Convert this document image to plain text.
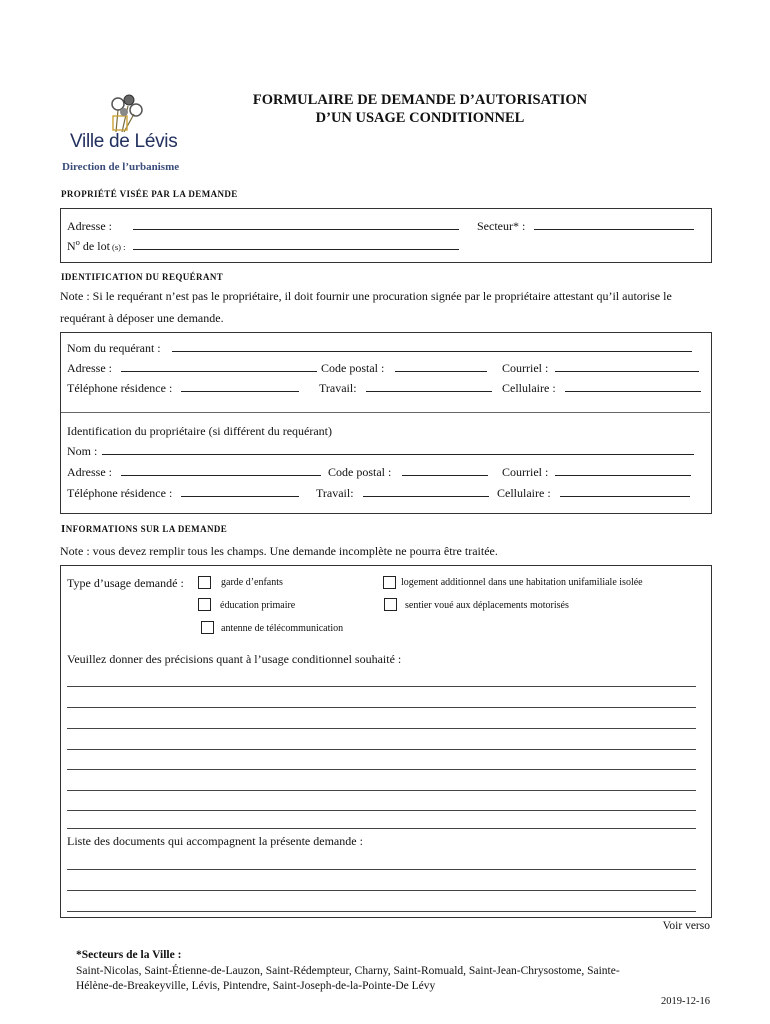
Ville de Lévis
Direction de l’urbanisme
FORMULAIRE DE DEMANDE D’AUTORISATION
D’UN USAGE CONDITIONNEL
PROPRIÉTÉ VISÉE PAR LA DEMANDE
Adresse :	Secteur* :
$N^o$ de lot (s) :
IDENTIFICATION DU REQUÉRANT
Note : Si le requérant n’est pas le propriétaire, il doit fournir une procuration signée par le propriétaire attestant qu’il autorise le
requérant à déposer une demande.
Nom du requérant :
Adresse :	Code postal :	Courriel :
Téléphone résidence :	Travail:	Cellulaire :
Identification du propriétaire (si différent du requérant)
Nom :
Adresse :	Code postal :	Courriel :
Téléphone résidence :	Travail:	Cellulaire :
INFORMATIONS SUR LA DEMANDE
Note : vous devez remplir tous les champs. Une demande incomplète ne pourra être traitée.
Type d’usage demandé :	garde d’enfants	logement additionnel dans une habitation unifamiliale isolée
éducation primaire	sentier voué aux déplacements motorisés
antenne de télécommunication
Veuillez donner des précisions quant à l’usage conditionnel souhaité :
Liste des documents qui accompagnent la présente demande :
Voir verso
*Secteurs de la Ville :
Saint-Nicolas, Saint-Étienne-de-Lauzon, Saint-Rédempteur, Charny, Saint-Romuald, Saint-Jean-Chrysostome, Sainte-
Hélène-de-Breakeyville, Lévis, Pintendre, Saint-Joseph-de-la-Pointe-De Lévy
2019-12-16
